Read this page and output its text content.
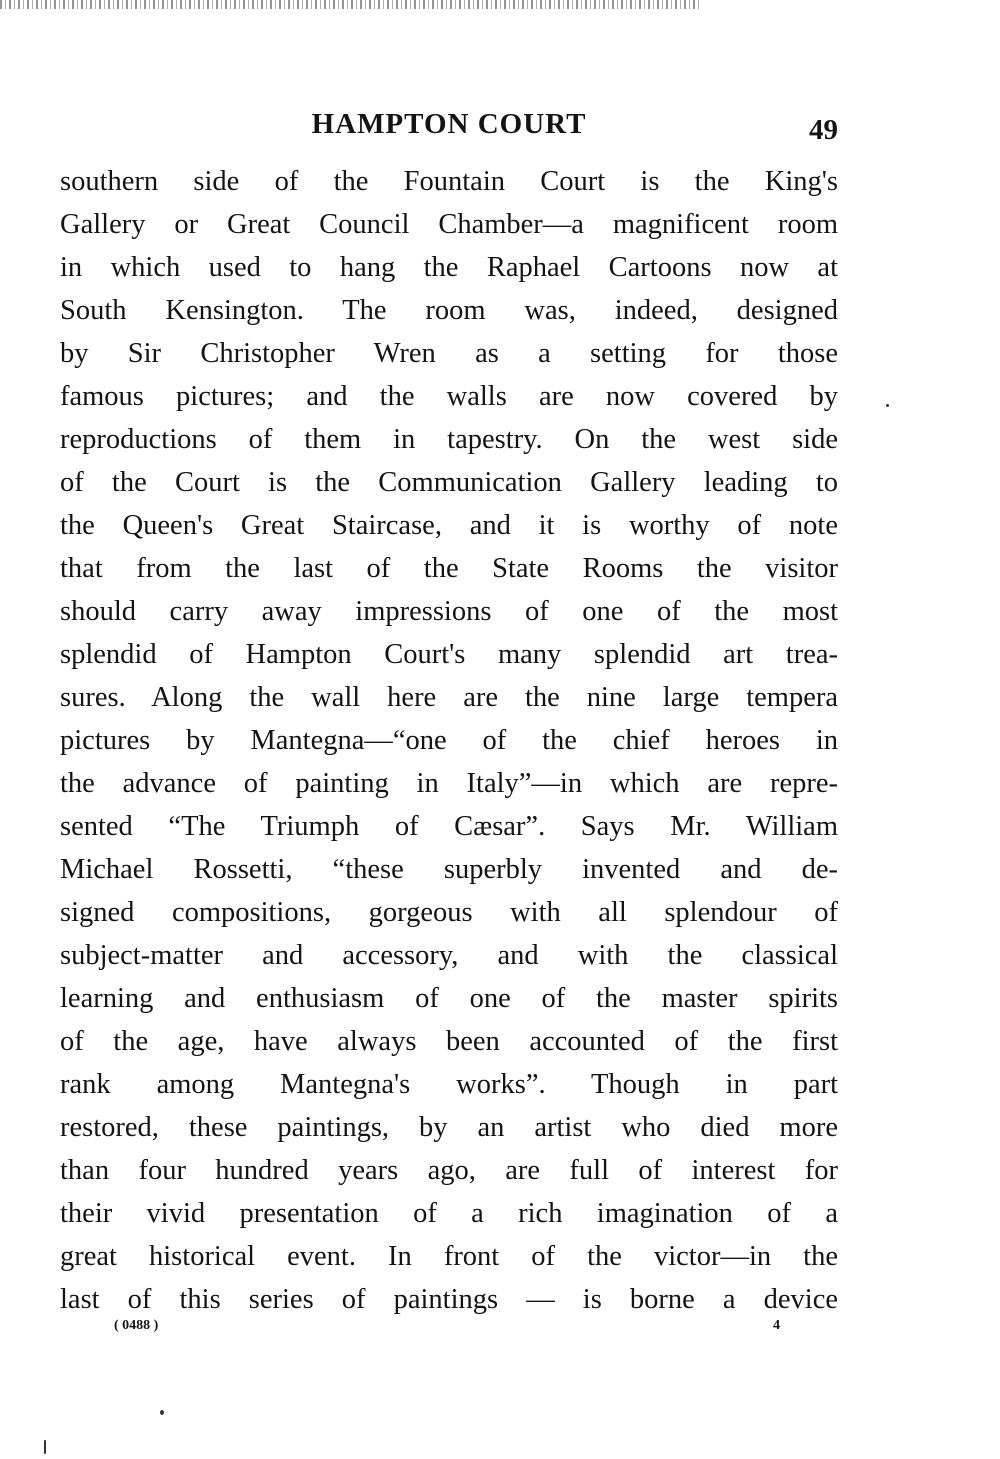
HAMPTON COURT	49
southern side of the Fountain Court is the King's
Gallery or Great Council Chamber—a magnificent room
in which used to hang the Raphael Cartoons now at
South Kensington. The room was, indeed, designed
by Sir Christopher Wren as a setting for those
famous pictures; and the walls are now covered by
reproductions of them in tapestry. On the west side
of the Court is the Communication Gallery leading to
the Queen's Great Staircase, and it is worthy of note
that from the last of the State Rooms the visitor
should carry away impressions of one of the most
splendid of Hampton Court's many splendid art trea-
sures. Along the wall here are the nine large tempera
pictures by Mantegna—“one of the chief heroes in
the advance of painting in Italy”—in which are repre-
sented “The Triumph of Cæsar”. Says Mr. William
Michael Rossetti, “these superbly invented and de-
signed compositions, gorgeous with all splendour of
subject-matter and accessory, and with the classical
learning and enthusiasm of one of the master spirits
of the age, have always been accounted of the first
rank among Mantegna's works”. Though in part
restored, these paintings, by an artist who died more
than four hundred years ago, are full of interest for
their vivid presentation of a rich imagination of a
great historical event. In front of the victor—in the
last of this series of paintings — is borne a device
( 0488 )	4
